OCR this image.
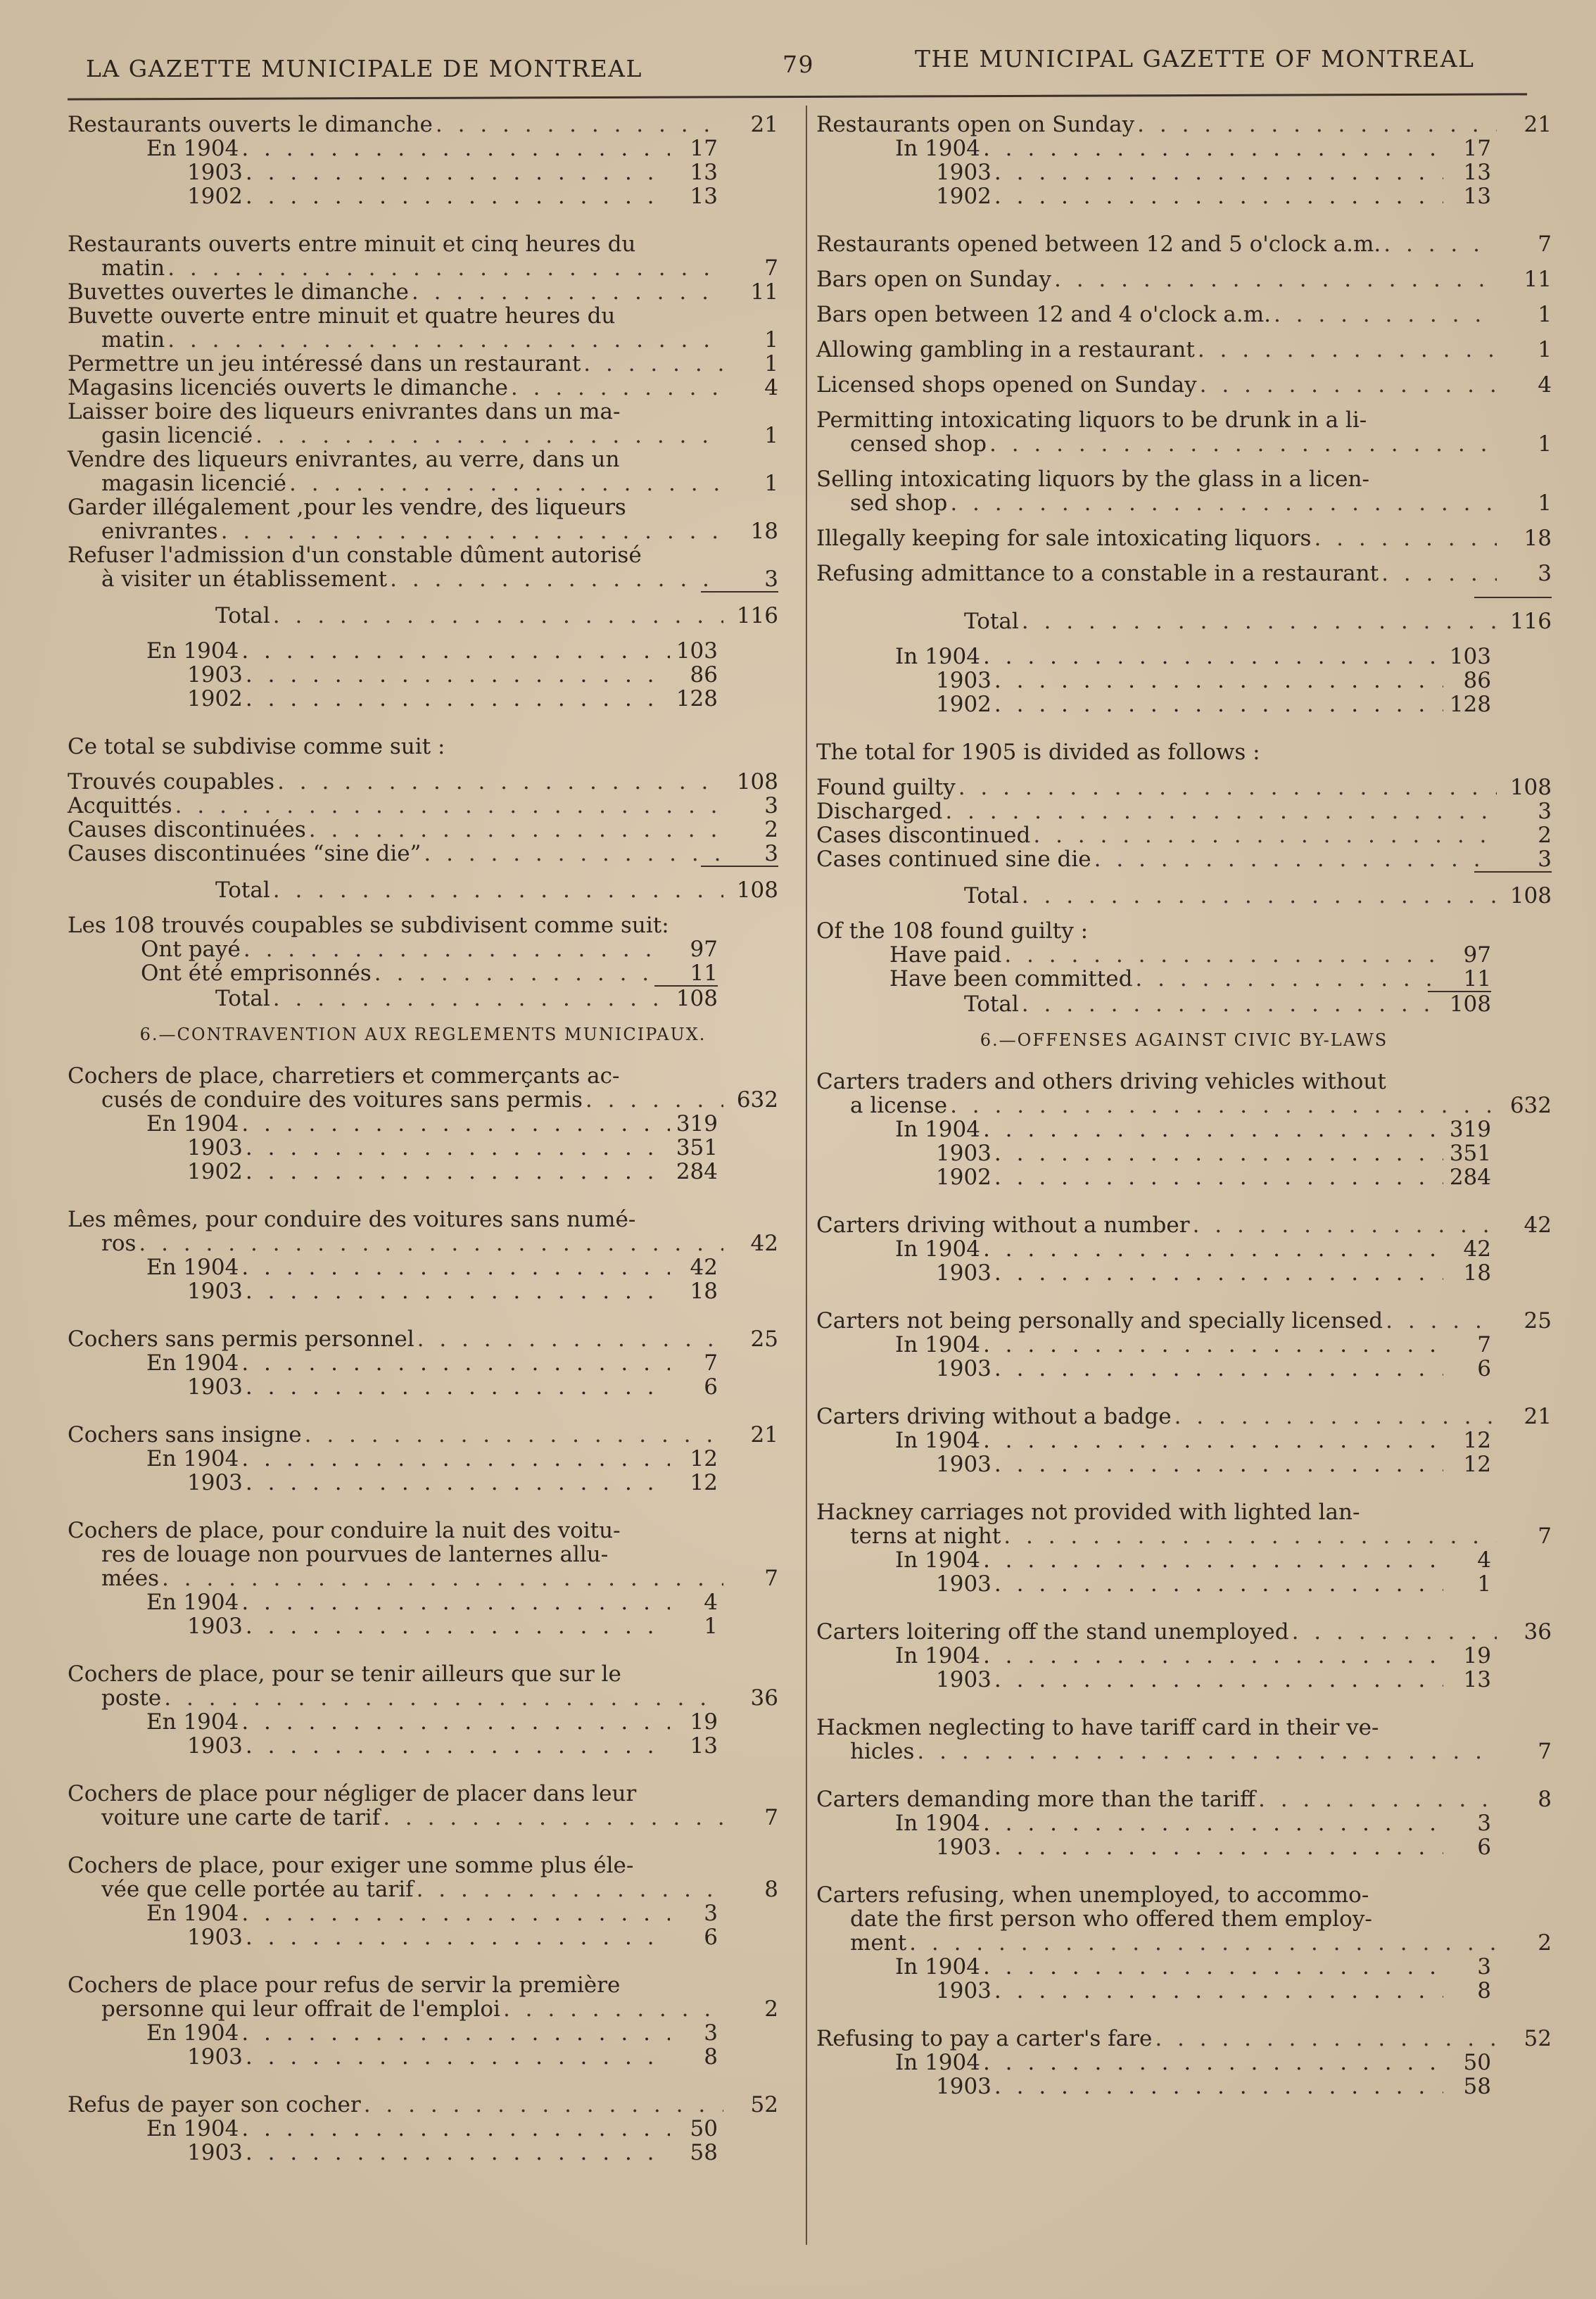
LA GAZETTE MUNICIPALE DE MONTREAL	79	THE MUNICIPAL GAZETTE OF MONTREAL
Restaurants ouverts le dimanche . . .	21
En 1904 . . .	17
1903 . . .	13
1902 . . .	13
Restaurants ouverts entre minuit et cinq heures du
matin . . .	7
Buvettes ouvertes le dimanche . . .	11
Buvette ouverte entre minuit et quatre heures du
matin . . .	1
Permettre un jeu intéressé dans un restaurant . . .	1
Magasins licenciés ouverts le dimanche . . .	4
Laisser boire des liqueurs enivrantes dans un ma-
gasin licencié . . .	1
Vendre des liqueurs enivrantes, au verre, dans un
magasin licencié . . .	1
Garder illégalement ,pour les vendre, des liqueurs
enivrantes . . .	18
Refuser l'admission d'un constable dûment autorisé
à visiter un établissement . . .	3
Total . . .	116
En 1904 . . .	103
1903 . . .	86
1902 . . .	128
Ce total se subdivise comme suit :
Trouvés coupables . . .	108
Acquittés . . .	3
Causes discontinuées . . .	2
Causes discontinuées “sine die” . . .	3
Total . . .	108
Les 108 trouvés coupables se subdivisent comme suit:
Ont payé . . .	97
Ont été emprisonnés . . .	11
Total . . .	108
6.—CONTRAVENTION AUX REGLEMENTS MUNICIPAUX.
Cochers de place, charretiers et commerçants ac-
cusés de conduire des voitures sans permis . . .	632
En 1904 . . .	319
1903 . . .	351
1902 . . .	284
Les mêmes, pour conduire des voitures sans numé-
ros . . .	42
En 1904 . . .	42
1903 . . .	18
Cochers sans permis personnel . . .	25
En 1904 . . .	7
1903 . . .	6
Cochers sans insigne . . .	21
En 1904 . . .	12
1903 . . .	12
Cochers de place, pour conduire la nuit des voitu-
res de louage non pourvues de lanternes allu-
mées . . .	7
En 1904 . . .	4
1903 . . .	1
Cochers de place, pour se tenir ailleurs que sur le
poste . . .	36
En 1904 . . .	19
1903 . . .	13
Cochers de place pour négliger de placer dans leur
voiture une carte de tarif . . .	7
Cochers de place, pour exiger une somme plus éle-
vée que celle portée au tarif . . .	8
En 1904 . . .	3
1903 . . .	6
Cochers de place pour refus de servir la première
personne qui leur offrait de l'emploi . . .	2
En 1904 . . .	3
1903 . . .	8
Refus de payer son cocher . . .	52
En 1904 . . .	50
1903 . . .	58
Restaurants open on Sunday . . .	21
In 1904 . . .	17
1903 . . .	13
1902 . . .	13
Restaurants opened between 12 and 5 o'clock a.m. . . .	7
Bars open on Sunday . . .	11
Bars open between 12 and 4 o'clock a.m. . . .	1
Allowing gambling in a restaurant . . .	1
Licensed shops opened on Sunday . . .	4
Permitting intoxicating liquors to be drunk in a li-
censed shop . . .	1
Selling intoxicating liquors by the glass in a licen-
sed shop . . .	1
Illegally keeping for sale intoxicating liquors . . .	18
Refusing admittance to a constable in a restaurant . . .	3
Total . . .	116
In 1904 . . .	103
1903 . . .	86
1902 . . .	128
The total for 1905 is divided as follows :
Found guilty . . .	108
Discharged . . .	3
Cases discontinued . . .	2
Cases continued sine die . . .	3
Total . . .	108
Of the 108 found guilty :
Have paid . . .	97
Have been committed . . .	11
Total . . .	108
6.—OFFENSES AGAINST CIVIC BY-LAWS
Carters traders and others driving vehicles without
a license . . .	632
In 1904 . . .	319
1903 . . .	351
1902 . . .	284
Carters driving without a number . . .	42
In 1904 . . .	42
1903 . . .	18
Carters not being personally and specially licensed . . .	25
In 1904 . . .	7
1903 . . .	6
Carters driving without a badge . . .	21
In 1904 . . .	12
1903 . . .	12
Hackney carriages not provided with lighted lan-
terns at night . . .	7
In 1904 . . .	4
1903 . . .	1
Carters loitering off the stand unemployed . . .	36
In 1904 . . .	19
1903 . . .	13
Hackmen neglecting to have tariff card in their ve-
hicles . . .	7
Carters demanding more than the tariff . . .	8
In 1904 . . .	3
1903 . . .	6
Carters refusing, when unemployed, to accommo-
date the first person who offered them employ-
ment . . .	2
In 1904 . . .	3
1903 . . .	8
Refusing to pay a carter's fare . . .	52
In 1904 . . .	50
1903 . . .	58
